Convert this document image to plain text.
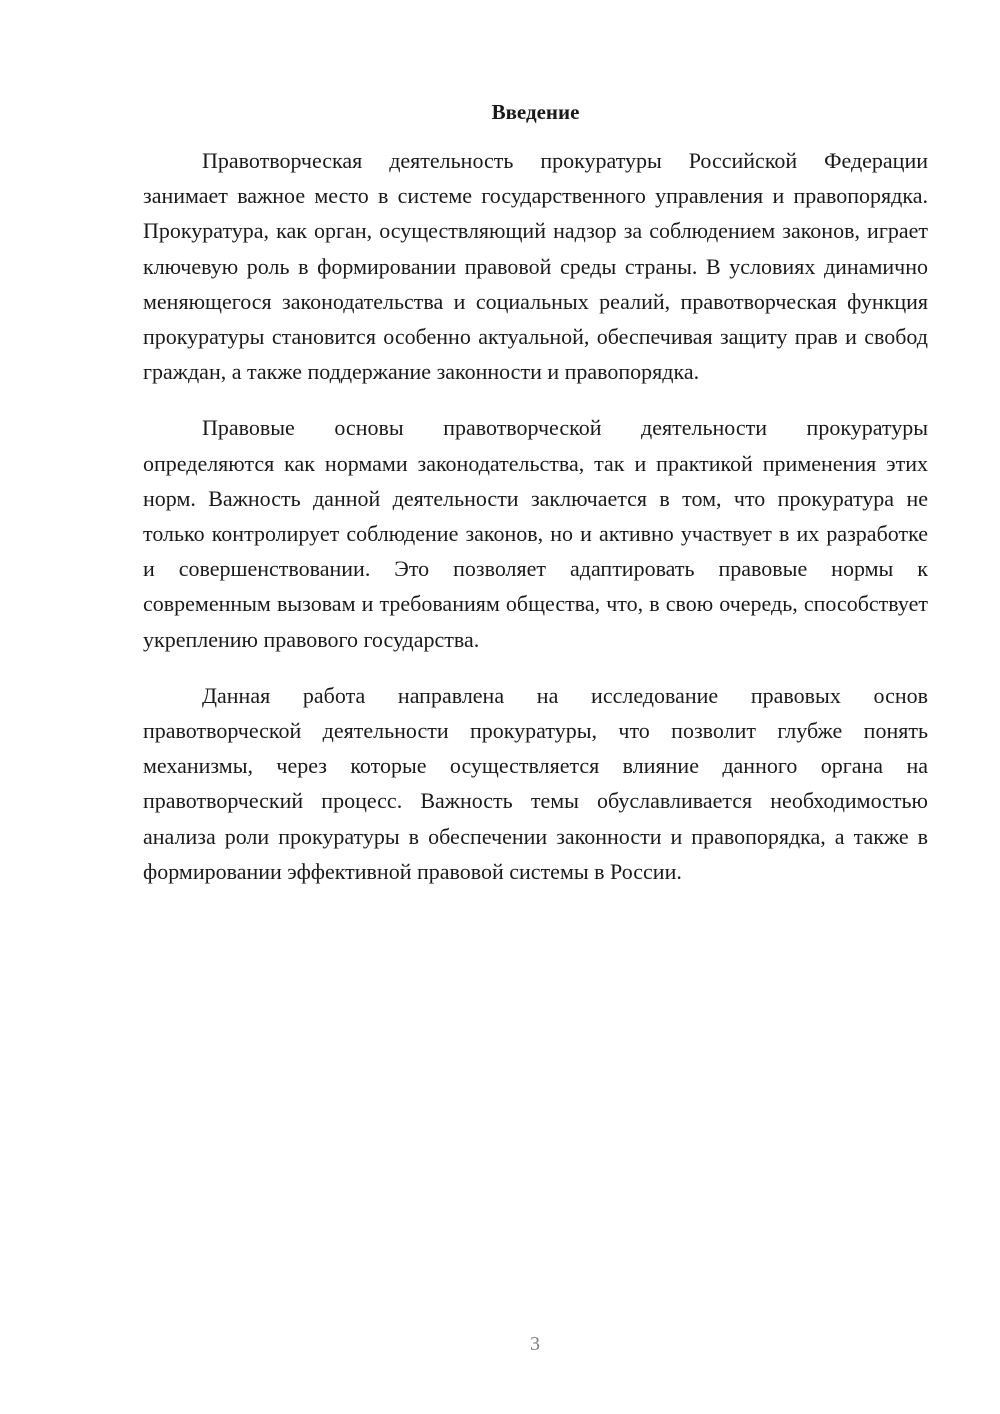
Введение

Правотворческая деятельность прокуратуры Российской Федерации занимает важное место в системе государственного управления и правопорядка. Прокуратура, как орган, осуществляющий надзор за соблюдением законов, играет ключевую роль в формировании правовой среды страны. В условиях динамично меняющегося законодательства и социальных реалий, правотворческая функция прокуратуры становится особенно актуальной, обеспечивая защиту прав и свобод граждан, а также поддержание законности и правопорядка.

Правовые основы правотворческой деятельности прокуратуры определяются как нормами законодательства, так и практикой применения этих норм. Важность данной деятельности заключается в том, что прокуратура не только контролирует соблюдение законов, но и активно участвует в их разработке и совершенствовании. Это позволяет адаптировать правовые нормы к современным вызовам и требованиям общества, что, в свою очередь, способствует укреплению правового государства.

Данная работа направлена на исследование правовых основ правотворческой деятельности прокуратуры, что позволит глубже понять механизмы, через которые осуществляется влияние данного органа на правотворческий процесс. Важность темы обуславливается необходимостью анализа роли прокуратуры в обеспечении законности и правопорядка, а также в формировании эффективной правовой системы в России.

3
